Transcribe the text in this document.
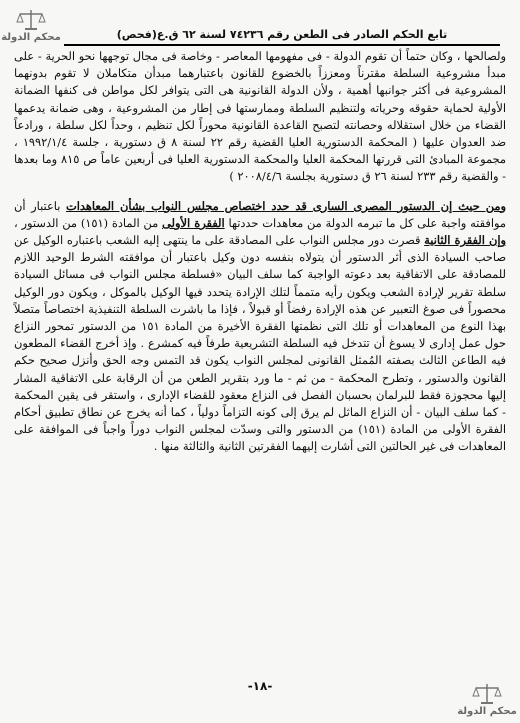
محكم الدولة	تابع الحكم الصادر فى الطعن رقم ٧٤٢٣٦ لسنة ٦٢ ق.ع(فحص)

ولصالحها ، وكان حتماً أن تقوم الدولة - فى مفهومها المعاصر - وخاصة فى مجال توجهها نحو الحرية - على مبدأ مشروعية السلطة مقترناً ومعززاً بالخضوع للقانون باعتبارهما مبدأن متكاملان لا تقوم بدونهما المشروعية فى أكثر جوانبها أهمية ، ولأن الدولة القانونية هى التى يتوافر لكل مواطن فى كنفها الضمانة الأولية لحماية حقوقه وحرياته ولتنظيم السلطة وممارستها فى إطار من المشروعية ، وهى ضمانة يدعمها القضاء من خلال استقلاله وحصانته لتصبح القاعدة القانونية محوراً لكل تنظيم ، وحداً لكل سلطة ، ورادعاً ضد العدوان عليها ( المحكمة الدستورية العليا القضية رقم ٢٢ لسنة ٨ ق دستورية ، جلسة ١٩٩٢/١/٤ ، مجموعة المبادئ التى قررتها المحكمة العليا والمحكمة الدستورية العليا فى أربعين عاماً ص ٨١٥ وما بعدها - والقضية رقم ٢٣٣ لسنة ٢٦ ق دستورية بجلسة ٢٠٠٨/٤/٦ )

ومن حيث إن الدستور المصرى السارى قد حدد اختصاص مجلس النواب بشأن المعاهدات باعتبار أن موافقته واجبة على كل ما تبرمه الدولة من معاهدات حددتها الفقرة الأولى من المادة (١٥١) من الدستور ، وإن الفقرة الثانية قصرت دور مجلس النواب على المصادقة على ما ينتهى إليه الشعب باعتباره الوكيل عن صاحب السيادة الذى أثر الدستور أن يتولاه بنفسه دون وكيل باعتبار أن موافقته الشرط الوحيد اللازم للمصادقة على الاتفاقية بعد دعوته الواجبة كما سلف البيان «فسلطة مجلس النواب فى مسائل السيادة سلطة تقرير لإرادة الشعب ويكون رأيه متمماً لتلك الإرادة يتحدد فيها الوكيل بالموكل ، ويكون دور الوكيل محصوراً فى صوغ التعبير عن هذه الإرادة رفضاً أو قبولاً ، فإذا ما باشرت السلطة التنفيذية اختصاصاً متصلاً بهذا النوع من المعاهدات أو تلك التى نظمتها الفقرة الأخيرة من المادة ١٥١ من الدستور تمحور النزاع حول عمل إدارى لا يسوغ أن تتدخل فيه السلطة التشريعية طرفاً فيه كمشرع . وإذ أخرج القضاء المطعون فيه الطاعن الثالث بصفته المُمثل القانونى لمجلس النواب يكون قد التمس وجه الحق وأنزل صحيح حكم القانون والدستور ، وتطرح المحكمة - من ثم - ما ورد بتقرير الطعن من أن الرقابة على الاتفاقية المشار إليها محجوزة فقط للبرلمان بحسبان الفصل فى النزاع معقود للقضاء الإدارى ، واستقر فى يقين المحكمة - كما سلف البيان - أن النزاع الماثل لم يرق إلى كونه التزاماً دولياً ، كما أنه يخرج عن نطاق تطبيق أحكام الفقرة الأولى من المادة (١٥١) من الدستور والتى وسدّت لمجلس النواب دوراً واجباً فى الموافقة على المعاهدات فى غير الحالتين التى أشارت إليهما الفقرتين الثانية والثالثة منها .

-١٨-
محكم الدولة
